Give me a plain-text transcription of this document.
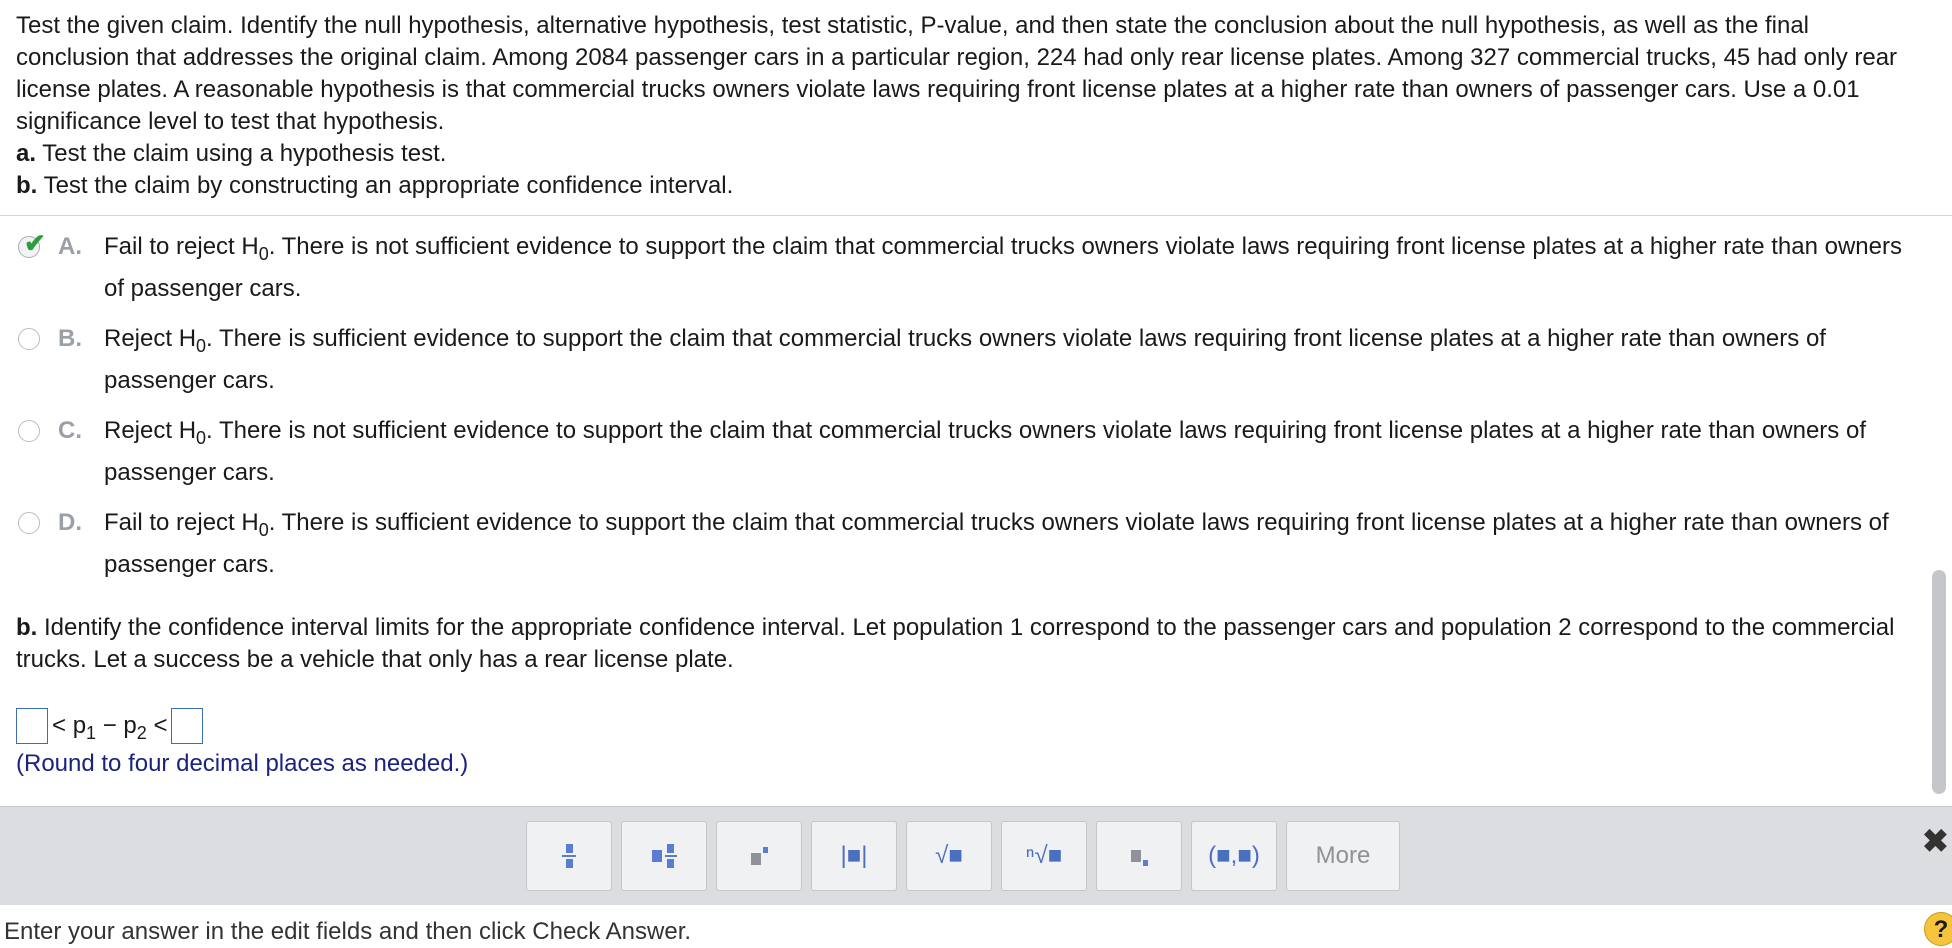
Test the given claim. Identify the null hypothesis, alternative hypothesis, test statistic, P-value, and then state the conclusion about the null hypothesis, as well as the final conclusion that addresses the original claim. Among 2084 passenger cars in a particular region, 224 had only rear license plates. Among 327 commercial trucks, 45 had only rear license plates. A reasonable hypothesis is that commercial trucks owners violate laws requiring front license plates at a higher rate than owners of passenger cars. Use a 0.01 significance level to test that hypothesis.

a. Test the claim using a hypothesis test.

b. Test the claim by constructing an appropriate confidence interval.

✔ A. Fail to reject $H_0$. There is not sufficient evidence to support the claim that commercial trucks owners violate laws requiring front license plates at a higher rate than owners of passenger cars.
B. Reject $H_0$. There is sufficient evidence to support the claim that commercial trucks owners violate laws requiring front license plates at a higher rate than owners of passenger cars.
C. Reject $H_0$. There is not sufficient evidence to support the claim that commercial trucks owners violate laws requiring front license plates at a higher rate than owners of passenger cars.
D. Fail to reject $H_0$. There is sufficient evidence to support the claim that commercial trucks owners violate laws requiring front license plates at a higher rate than owners of passenger cars.
b. Identify the confidence interval limits for the appropriate confidence interval. Let population 1 correspond to the passenger cars and population 2 correspond to the commercial trucks. Let a success be a vehicle that only has a rear license plate.
< $p_1 - p_2$ <
(Round to four decimal places as needed.)
|■|	√■	ⁿ√■	(■,■)	More	✖
Enter your answer in the edit fields and then click Check Answer.	?
